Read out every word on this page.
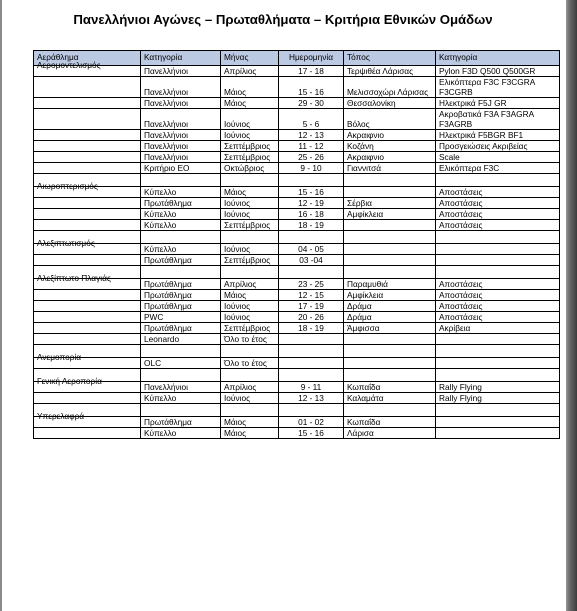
Πανελλήνιοι Αγώνες – Πρωταθλήματα – Κριτήρια Εθνικών Ομάδων
Αεράθλημα	Κατηγορία	Μήνας	Ημερομηνία	Τόπος	Κατηγορία
Αερομοντελισμός	Πανελλήνιοι	Απρίλιος	17 - 18	Τερψιθέα Λάρισας	Pylon F3D Q500 Q500GR
	Πανελλήνιοι	Μάιος	15 - 16	Μελισσοχώρι Λάρισας	Ελικόπτερα F3C F3CGRA F3CGRB
	Πανελλήνιοι	Μάιος	29 - 30	Θεσσαλονίκη	Ηλεκτρικά F5J GR
	Πανελλήνιοι	Ιούνιος	5 - 6	Βόλος	Ακροβατικά F3A F3AGRA F3AGRB
	Πανελλήνιοι	Ιούνιος	12 - 13	Ακραιφνιο	Ηλεκτρικά F5BGR BF1
	Πανελλήνιοι	Σεπτέμβριος	11 - 12	Κοζάνη	Προσγειώσεις Ακριβείας
	Πανελλήνιοι	Σεπτέμβριος	25 - 26	Ακραιφνιο	Scale
	Κριτήριο ΕΟ	Οκτώβριος	9 - 10	Γιαννιτσά	Ελικόπτερα F3C

Αιωροπτερισμός	Κύπελλο	Μάιος	15 - 16		Αποστάσεις
	Πρωτάθλημα	Ιούνιος	12 - 19	Σέρβια	Αποστάσεις
	Κύπελλο	Ιούνιος	16 - 18	Αμφίκλεια	Αποστάσεις
	Κύπελλο	Σεπτέμβριος	18 - 19		Αποστάσεις

Αλεξιπτωτισμός	Κύπελλο	Ιούνιος	04 - 05		
	Πρωτάθλημα	Σεπτέμβριος	03 -04		

Αλεξίπτωτο Πλαγιάς	Πρωτάθλημα	Απρίλιος	23 - 25	Παραμυθιά	Αποστάσεις
	Πρωτάθλημα	Μάιος	12 - 15	Αμφίκλεια	Αποστάσεις
	Πρωτάθλημα	Ιούνιος	17 - 19	Δράμα	Αποστάσεις
	PWC	Ιούνιος	20 - 26	Δράμα	Αποστάσεις
	Πρωτάθλημα	Σεπτέμβριος	18 - 19	Άμφισσα	Ακρίβεια
	Leonardo	Όλο το έτος			

Ανεμοπορία	OLC	Όλο το έτος			

Γενική Αεροπορία	Πανελλήνιοι	Απρίλιος	9 - 11	Κωπαΐδα	Rally Flying
	Κύπελλο	Ιούνιος	12 - 13	Καλαμάτα	Rally Flying

Υπερελαφρά	Πρωτάθλημα	Μάιος	01 - 02	Κωπαΐδα	
	Κύπελλο	Μάιος	15 - 16	Λάρισα	
